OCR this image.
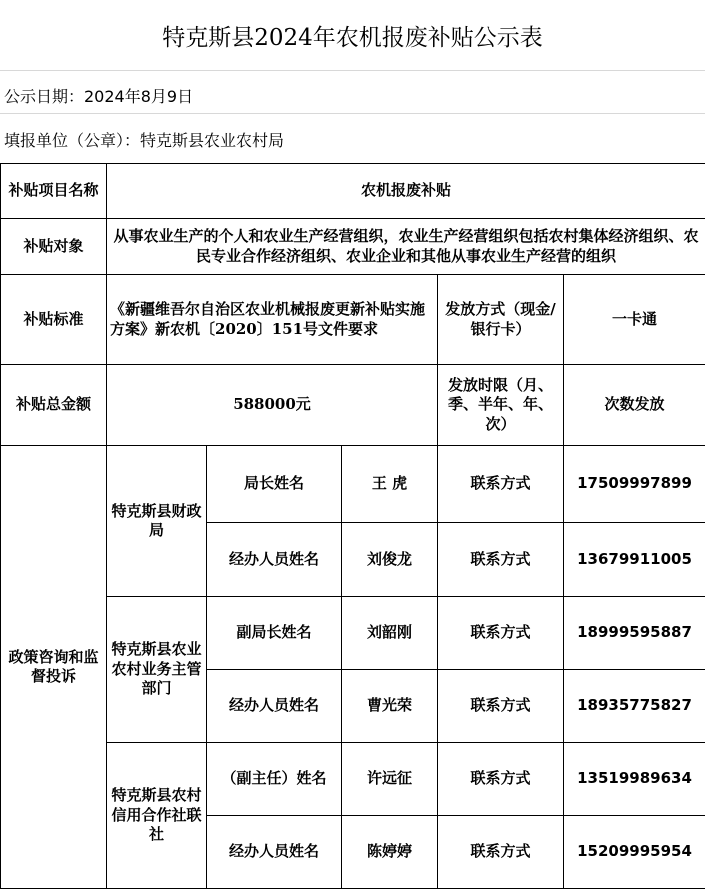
特克斯县2024年农机报废补贴公示表
公示日期：2024年8月9日
填报单位（公章）：特克斯县农业农村局
补贴项目名称	农机报废补贴				
补贴对象	从事农业生产的个人和农业生产经营组织，农业生产经营组织包括农村集体经济组织、农民专业合作经济组织、农业企业和其他从事农业生产经营的组织				
补贴标准	《新疆维吾尔自治区农业机械报废更新补贴实施方案》新农机〔2020〕151号文件要求			发放方式（现金/银行卡）	一卡通
补贴总金额	588000元			发放时限（月、季、半年、年、次）	次数发放
政策咨询和监督投诉	特克斯县财政局	局长姓名	王 虎	联系方式	17509997899
		经办人员姓名	刘俊龙	联系方式	13679911005
	特克斯县农业农村业务主管部门	副局长姓名	刘韶刚	联系方式	18999595887
		经办人员姓名	曹光荣	联系方式	18935775827
	特克斯县农村信用合作社联社	（副主任）姓名	许远征	联系方式	13519989634
		经办人员姓名	陈婷婷	联系方式	15209995954
